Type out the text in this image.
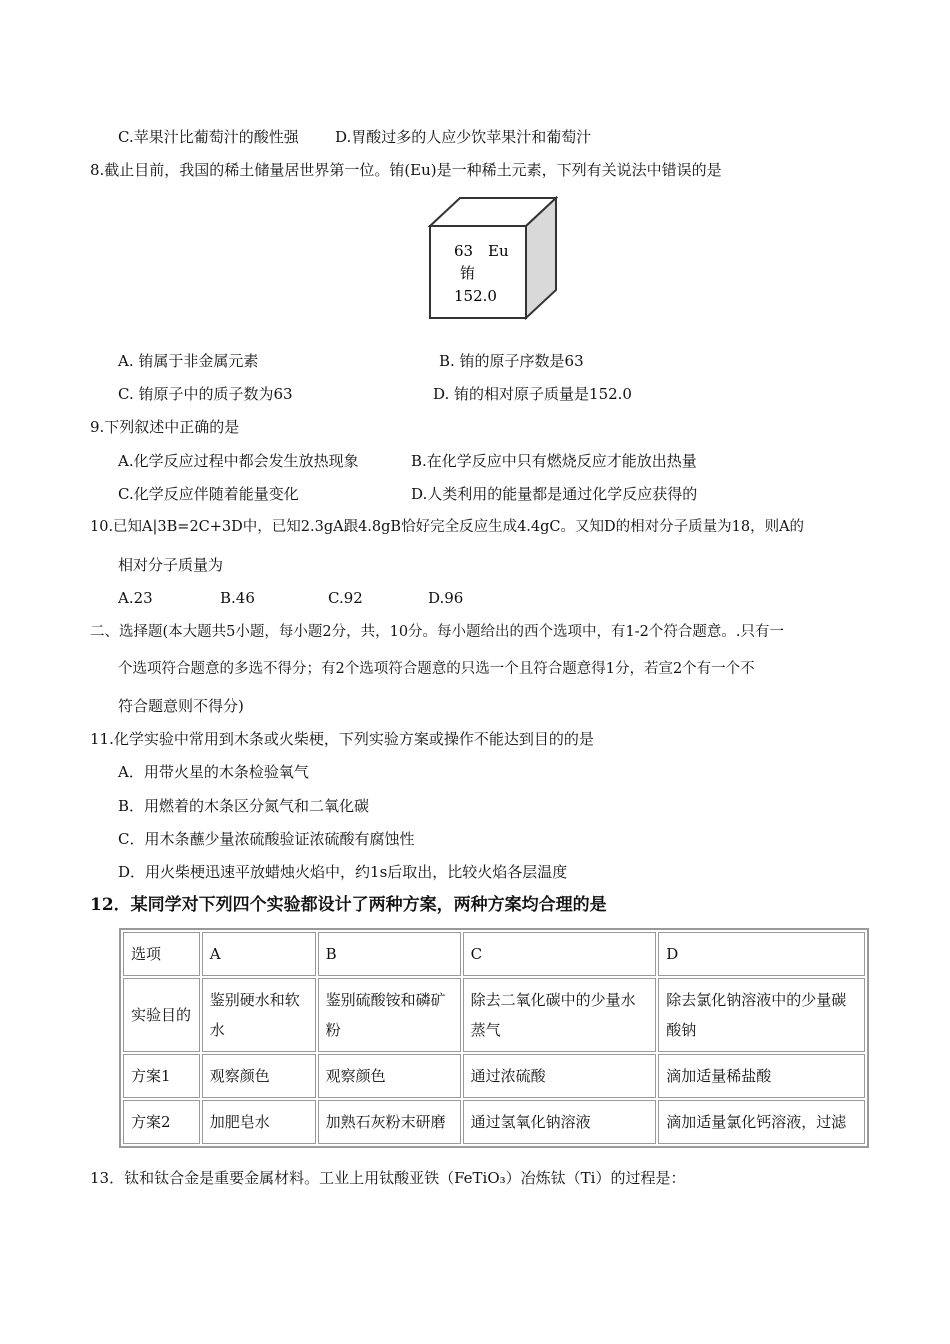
C.苹果汁比葡萄汁的酸性强 D.胃酸过多的人应少饮苹果汁和葡萄汁
8.截止目前，我国的稀土储量居世界第一位。铕(Eu)是一种稀土元素，下列有关说法中错误的是
63 Eu
铕
152.0
A. 铕属于非金属元素	B. 铕的原子序数是63
C. 铕原子中的质子数为63	D. 铕的相对原子质量是152.0
9.下列叙述中正确的是
A.化学反应过程中都会发生放热现象	B.在化学反应中只有燃烧反应才能放出热量
C.化学反应伴随着能量变化	D.人类利用的能量都是通过化学反应获得的
10.已知A|3B=2C+3D中，已知2.3gA跟4.8gB恰好完全反应生成4.4gC。又知D的相对分子质量为18，则A的
相对分子质量为
A.23	B.46	C.92	D.96
二、选择题(本大题共5小题，每小题2分，共，10分。每小题给出的西个选项中，有1-2个符合题意。.只有一
个选项符合题意的多选不得分；有2个选项符合题意的只选一个且符合题意得1分，若宣2个有一个不
符合题意则不得分)
11.化学实验中常用到木条或火柴梗，下列实验方案或操作不能达到目的的是
A．用带火星的木条检验氧气
B．用燃着的木条区分氮气和二氧化碳
C．用木条蘸少量浓硫酸验证浓硫酸有腐蚀性
D．用火柴梗迅速平放蜡烛火焰中，约1s后取出，比较火焰各层温度
12．某同学对下列四个实验都设计了两种方案，两种方案均合理的是
选项	A	B	C	D
实验目的	鉴别硬水和软水	鉴别硫酸铵和磷矿粉	除去二氧化碳中的少量水蒸气	除去氯化钠溶液中的少量碳酸钠
方案1	观察颜色	观察颜色	通过浓硫酸	滴加适量稀盐酸
方案2	加肥皂水	加熟石灰粉末研磨	通过氢氧化钠溶液	滴加适量氯化钙溶液，过滤
13．钛和钛合金是重要金属材料。工业上用钛酸亚铁（FeTiO₃）冶炼钛（Ti）的过程是：
